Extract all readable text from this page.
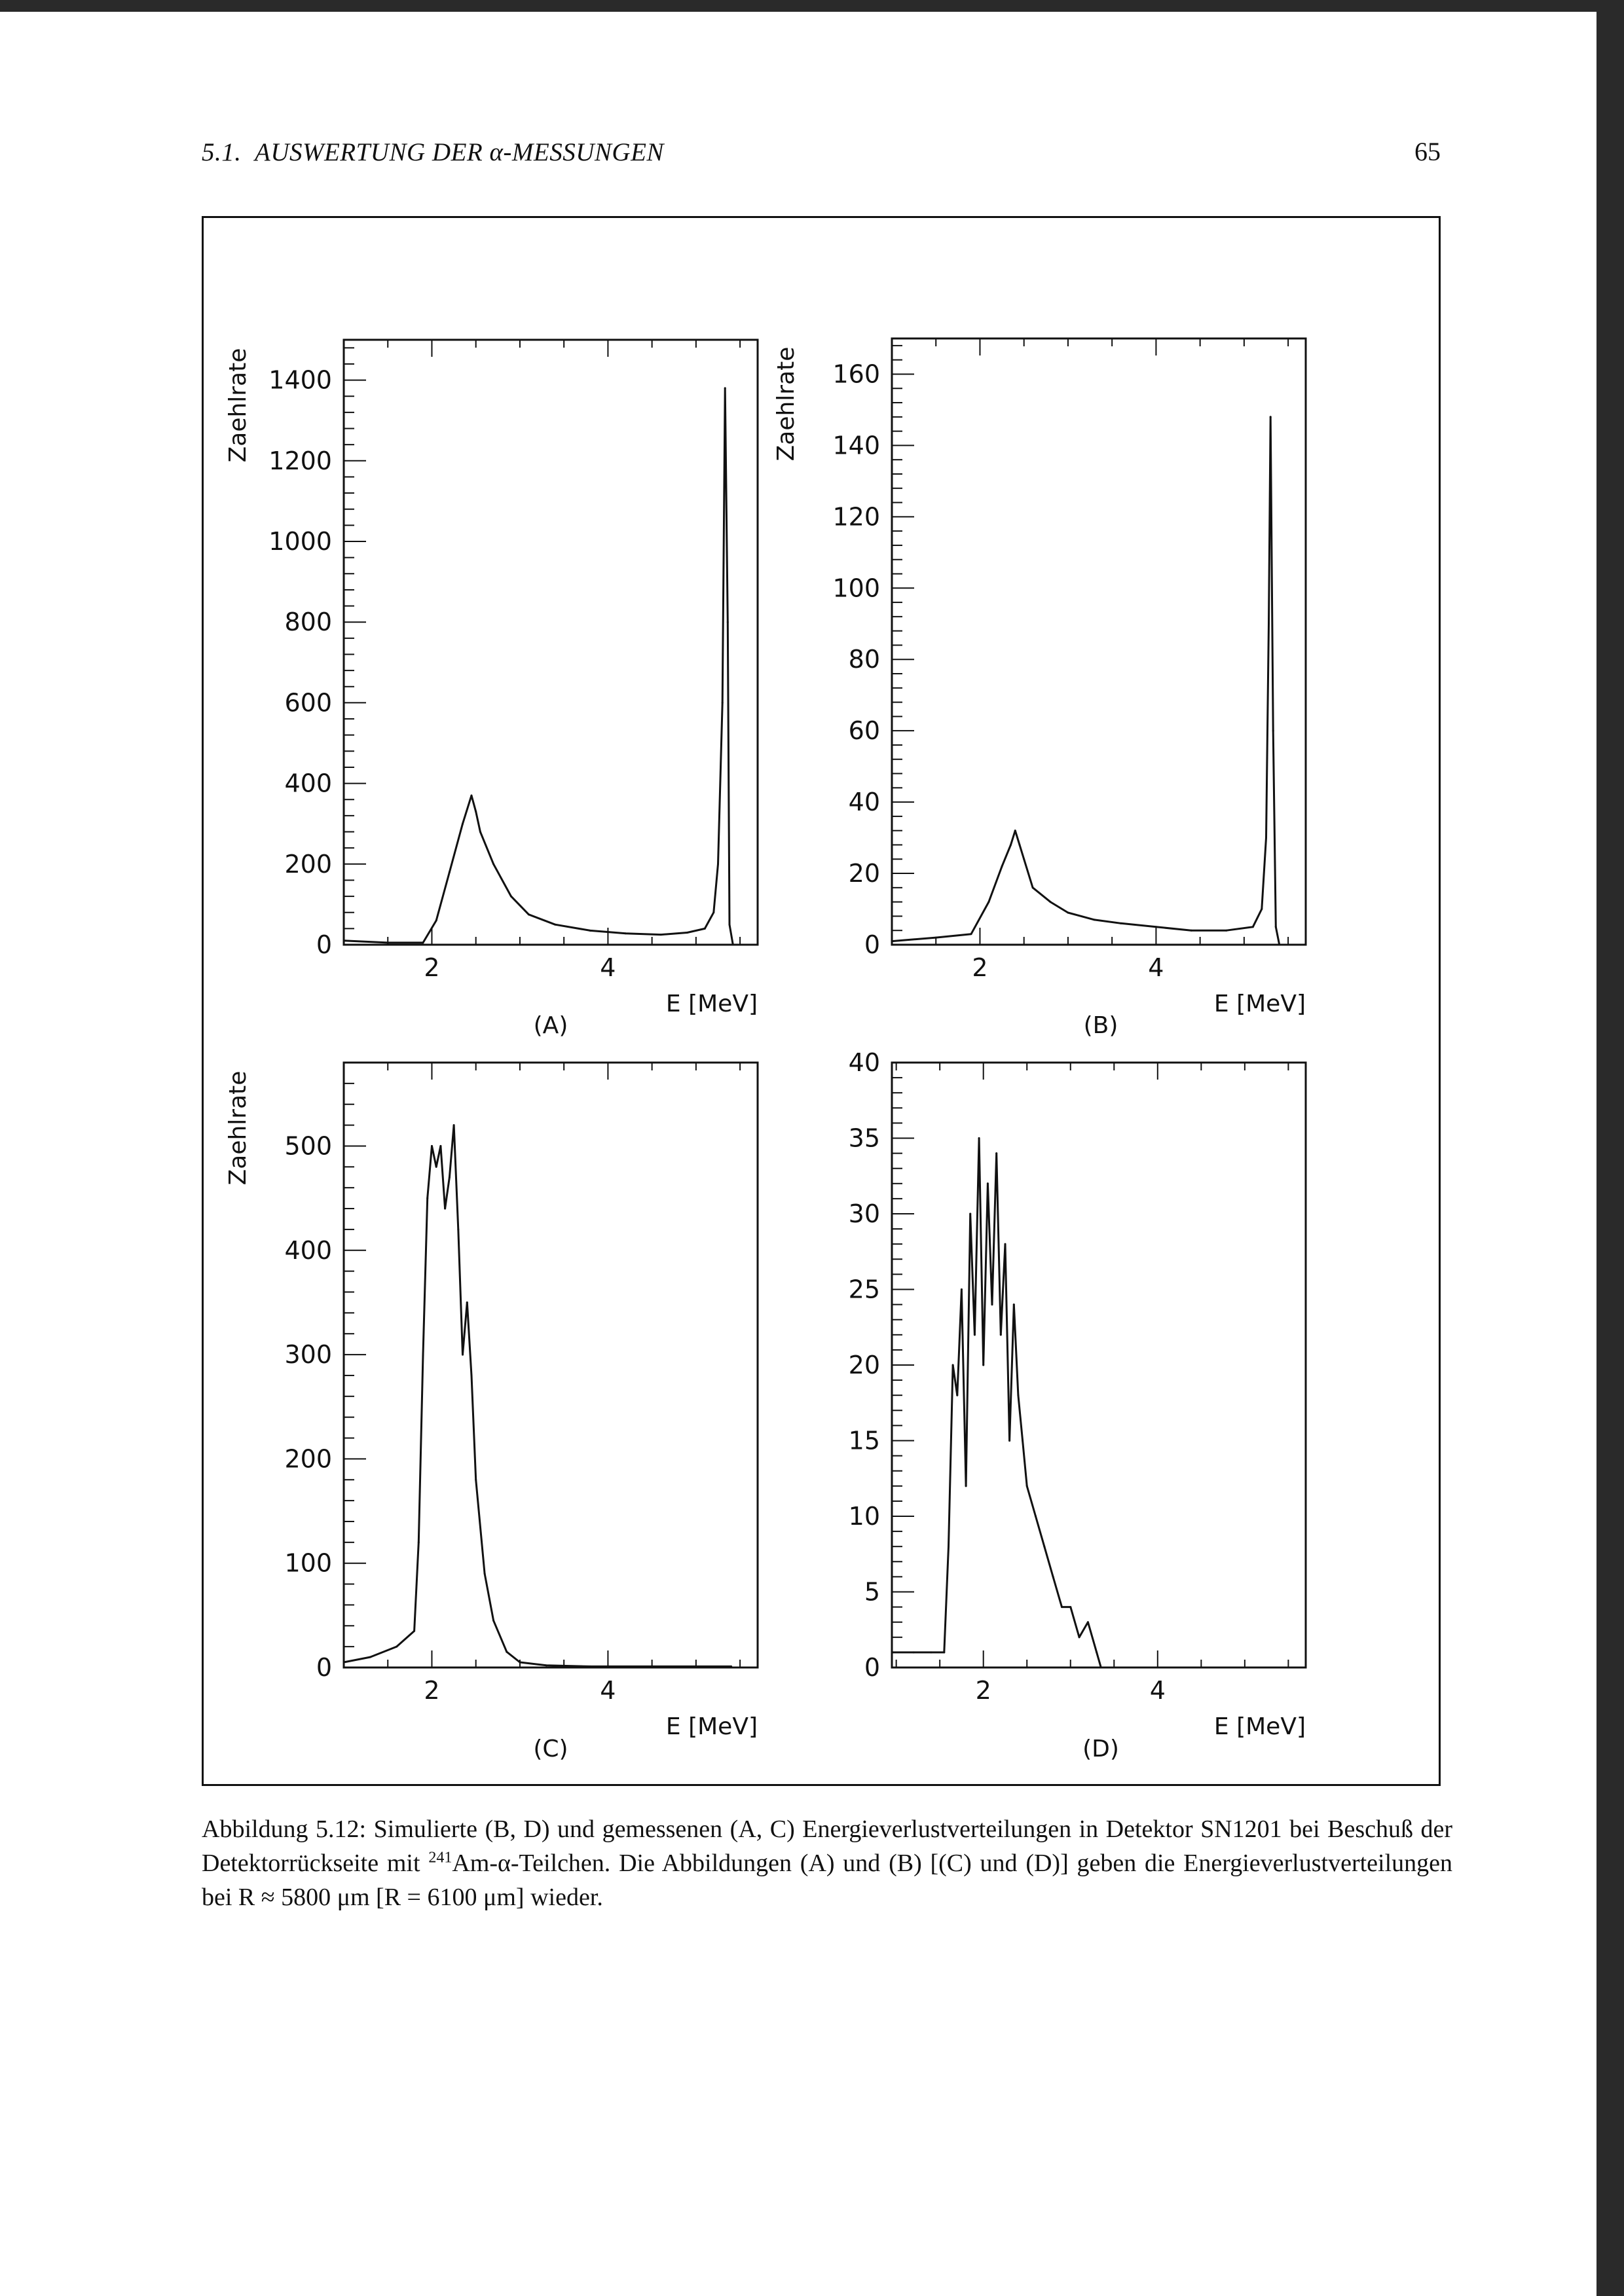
5.1. AUSWERTUNG DER α-MESSUNGEN	65
0
200
400
600
800
1000
1200
1400
2	4
E [MeV]
Zaehlrate
(A)
0
20
40
60
80
100
120
140
160
2	4
E [MeV]
Zaehlrate
(B)
0
100
200
300
400
500
2	4
E [MeV]
Zaehlrate
(C)
0
5
10
15
20
25
30
35
40
2	4
E [MeV]
(D)
Abbildung 5.12: Simulierte (B, D) und gemessenen (A, C) Energieverlustverteilungen in Detektor SN1201 bei Beschuß der Detektorrückseite mit $^{241}$Am-α-Teilchen. Die Abbildungen (A) und (B) [(C) und (D)] geben die Energieverlustverteilungen bei R ≈ 5800 μm [R = 6100 μm] wieder.
